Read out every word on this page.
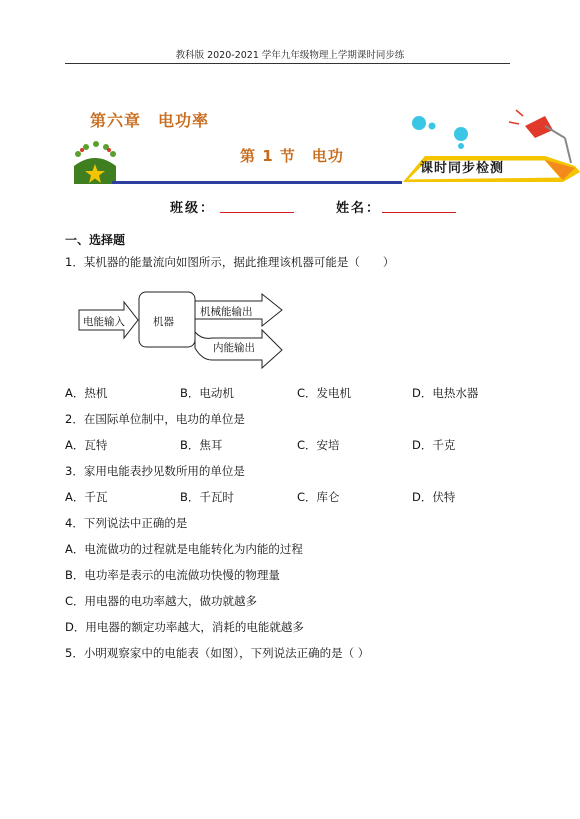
教科版 2020-2021 学年九年级物理上学期课时同步练
第六章　电功率
第 1 节　电功
课时同步检测
班级：	姓名：
一、选择题
1．某机器的能量流向如图所示，据此推理该机器可能是（　　）
电能输入	机器
机械能输出
内能输出
A．热机	B．电动机	C．发电机	D．电热水器
2．在国际单位制中，电功的单位是
A．瓦特	B．焦耳	C．安培	D．千克
3．家用电能表抄见数所用的单位是
A．千瓦	B．千瓦时	C．库仑	D．伏特
4．下列说法中正确的是
A．电流做功的过程就是电能转化为内能的过程
B．电功率是表示的电流做功快慢的物理量
C．用电器的电功率越大，做功就越多
D．用电器的额定功率越大，消耗的电能就越多
5．小明观察家中的电能表（如图），下列说法正确的是（ ）
